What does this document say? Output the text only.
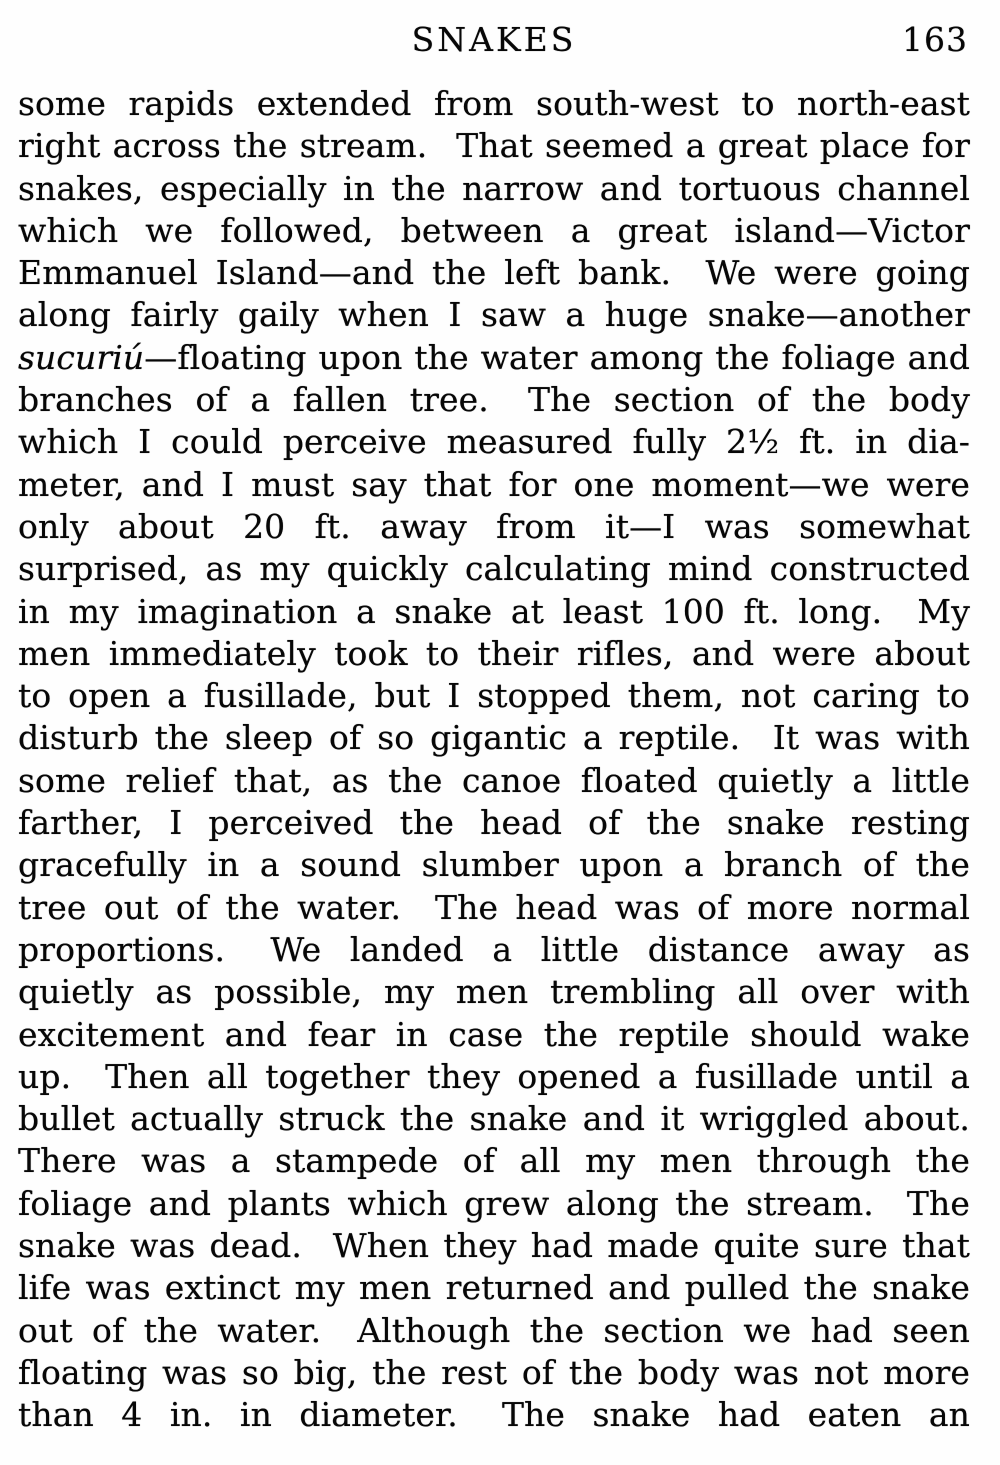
SNAKES	163
some rapids extended from south-west to north-east
right across the stream.  That seemed a great place for
snakes, especially in the narrow and tortuous channel
which we followed, between a great island—Victor
Emmanuel Island—and the left bank.  We were going
along fairly gaily when I saw a huge snake—another
sucuriú—floating upon the water among the foliage and
branches of a fallen tree.  The section of the body
which I could perceive measured fully 2½ ft. in dia-
meter, and I must say that for one moment—we were
only about 20 ft. away from it—I was somewhat
surprised, as my quickly calculating mind constructed
in my imagination a snake at least 100 ft. long.  My
men immediately took to their rifles, and were about
to open a fusillade, but I stopped them, not caring to
disturb the sleep of so gigantic a reptile.  It was with
some relief that, as the canoe floated quietly a little
farther, I perceived the head of the snake resting
gracefully in a sound slumber upon a branch of the
tree out of the water.  The head was of more normal
proportions.  We landed a little distance away as
quietly as possible, my men trembling all over with
excitement and fear in case the reptile should wake
up.  Then all together they opened a fusillade until a
bullet actually struck the snake and it wriggled about.
There was a stampede of all my men through the
foliage and plants which grew along the stream.  The
snake was dead.  When they had made quite sure that
life was extinct my men returned and pulled the snake
out of the water.  Although the section we had seen
floating was so big, the rest of the body was not more
than 4 in. in diameter.  The snake had eaten an
